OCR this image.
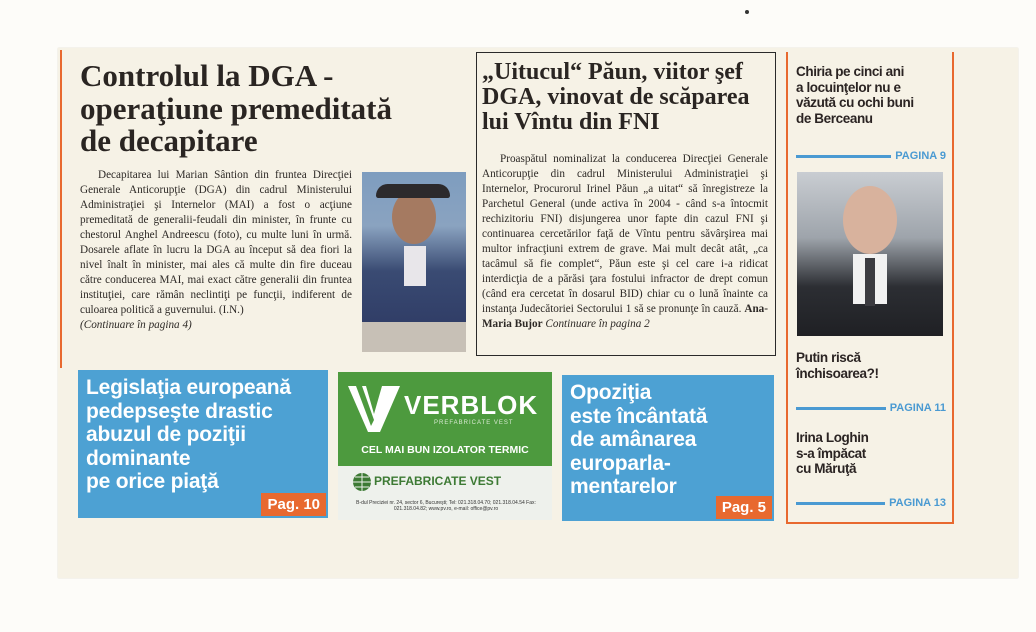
Controlul la DGA -
operaţiune premeditată
de decapitare
Decapitarea lui Marian Sântion din fruntea Direcţiei Generale Anticorupţie (DGA) din cadrul Ministerului Administraţiei şi Internelor (MAI) a fost o acţiune premeditată de generalii-feudali din minister, în frunte cu chestorul Anghel Andreescu (foto), cu multe luni în urmă. Dosarele aflate în lucru la DGA au început să dea fiori la nivel înalt în minister, mai ales că multe din fire duceau către conducerea MAI, mai exact către generalii din fruntea instituţiei, care rămân neclintiţi pe funcţii, indiferent de culoarea politică a guvernului. (I.N.)
(Continuare în pagina 4)
„Uitucul“ Păun, viitor şef
DGA, vinovat de scăparea
lui Vîntu din FNI
Proaspătul nominalizat la conducerea Direcţiei Generale Anticorupţie din cadrul Ministerului Administraţiei şi Internelor, Procurorul Irinel Păun „a uitat“ să înregistreze la Parchetul General (unde activa în 2004 - când s-a întocmit rechizitoriu FNI) disjungerea unor fapte din cazul FNI şi continuarea cercetărilor faţă de Vîntu pentru săvârşirea mai multor infracţiuni extrem de grave. Mai mult decât atât, „ca tacâmul să fie complet“, Păun este şi cel care i-a ridicat interdicţia de a părăsi ţara fostului infractor de drept comun (când era cercetat în dosarul BID) chiar cu o lună înainte ca instanţa Judecătoriei Sectorului 1 să se pronunţe în cauză. Ana-Maria Bujor Continuare în pagina 2
Chiria pe cinci ani
a locuinţelor nu e
văzută cu ochi buni
de Berceanu
PAGINA 9
Putin riscă
închisoarea?!
PAGINA 11
Irina Loghin
s-a împăcat
cu Măruţă
PAGINA 13
Legislaţia europeană
pedepseşte drastic
abuzul de poziţii
dominante
pe orice piaţă
Pag. 10
VERBLOK
PREFABRICATE VEST
CEL MAI BUN IZOLATOR TERMIC
PREFABRICATE VEST
B-dul Preciziei nr. 24, sector 6, Bucureşti; Tel: 021.318.04.70; 021.318.04.54 Fax: 021.318.04.82; www.pv.ro, e-mail: office@pv.ro
Opoziţia
este încântată
de amânarea
europarla-
mentarelor
Pag. 5
